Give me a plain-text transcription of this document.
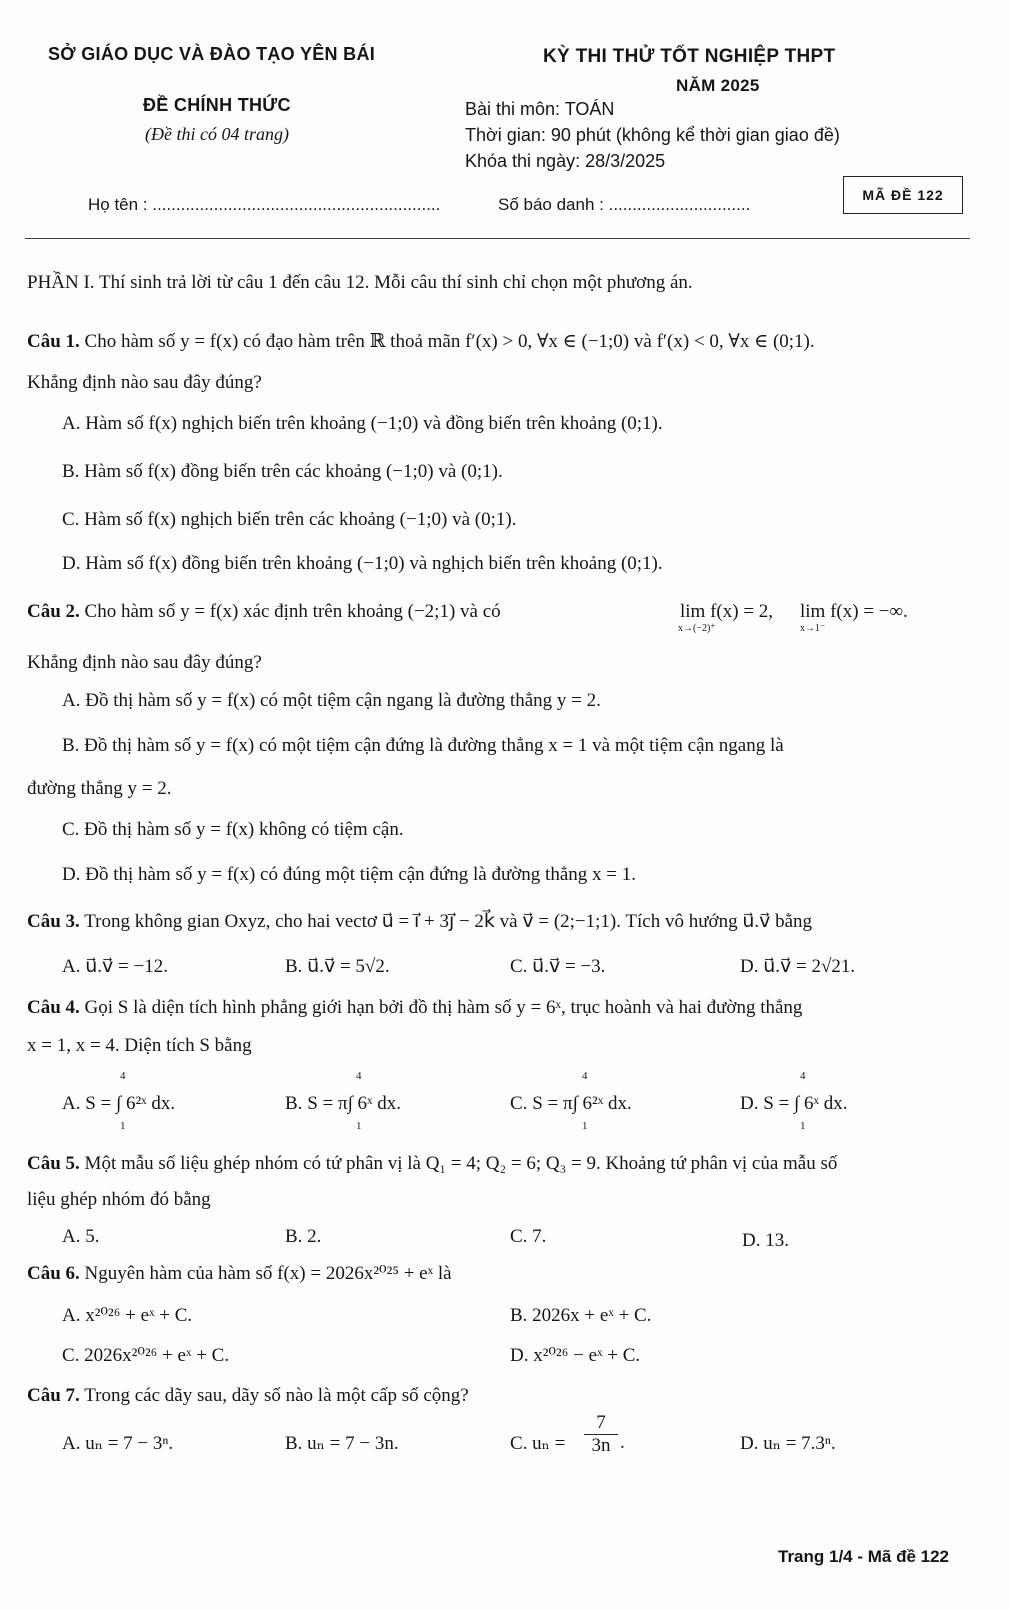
SỞ GIÁO DỤC VÀ ĐÀO TẠO YÊN BÁI	KỲ THI THỬ TỐT NGHIỆP THPT
NĂM 2025
ĐỀ CHÍNH THỨC
(Đề thi có 04 trang)
Bài thi môn: TOÁN
Thời gian: 90 phút (không kể thời gian giao đề)
Khóa thi ngày: 28/3/2025
Họ tên : .............................................................	Số báo danh : ..............................	MÃ ĐỀ 122
PHẦN I. Thí sinh trả lời từ câu 1 đến câu 12. Mỗi câu thí sinh chỉ chọn một phương án.
Câu 1. Cho hàm số y = f(x) có đạo hàm trên ℝ thoả mãn f′(x) > 0, ∀x ∈ (−1;0) và f′(x) < 0, ∀x ∈ (0;1).
Khẳng định nào sau đây đúng?
A. Hàm số f(x) nghịch biến trên khoảng (−1;0) và đồng biến trên khoảng (0;1).
B. Hàm số f(x) đồng biến trên các khoảng (−1;0) và (0;1).
C. Hàm số f(x) nghịch biến trên các khoảng (−1;0) và (0;1).
D. Hàm số f(x) đồng biến trên khoảng (−1;0) và nghịch biến trên khoảng (0;1).
Câu 2. Cho hàm số y = f(x) xác định trên khoảng (−2;1) và có	lim f(x) = 2,
x→(−2)⁺
lim f(x) = −∞.
x→1⁻
Khẳng định nào sau đây đúng?
A. Đồ thị hàm số y = f(x) có một tiệm cận ngang là đường thẳng y = 2.
B. Đồ thị hàm số y = f(x) có một tiệm cận đứng là đường thẳng x = 1 và một tiệm cận ngang là
đường thẳng y = 2.
C. Đồ thị hàm số y = f(x) không có tiệm cận.
D. Đồ thị hàm số y = f(x) có đúng một tiệm cận đứng là đường thẳng x = 1.
Câu 3. Trong không gian Oxyz, cho hai vectơ u⃗ = i⃗ + 3j⃗ − 2k⃗ và v⃗ = (2;−1;1). Tích vô hướng u⃗.v⃗ bằng
A. u⃗.v⃗ = −12.	B. u⃗.v⃗ = 5√2.	C. u⃗.v⃗ = −3.	D. u⃗.v⃗ = 2√21.
Câu 4. Gọi S là diện tích hình phẳng giới hạn bởi đồ thị hàm số y = 6ˣ, trục hoành và hai đường thẳng
x = 1, x = 4. Diện tích S bằng
A. S = ∫ 6²ˣ dx.
4
1
B. S = π∫ 6ˣ dx.
4
1
C. S = π∫ 6²ˣ dx.
4
1
D. S = ∫ 6ˣ dx.
4
1
Câu 5. Một mẫu số liệu ghép nhóm có tứ phân vị là Q₁ = 4; Q₂ = 6; Q₃ = 9. Khoảng tứ phân vị của mẫu số
liệu ghép nhóm đó bằng
A. 5.	B. 2.	C. 7.	D. 13.
Câu 6. Nguyên hàm của hàm số f(x) = 2026x²⁰²⁵ + eˣ là
A. x²⁰²⁶ + eˣ + C.	B. 2026x + eˣ + C.
C. 2026x²⁰²⁶ + eˣ + C.	D. x²⁰²⁶ − eˣ + C.
Câu 7. Trong các dãy sau, dãy số nào là một cấp số cộng?
A. uₙ = 7 − 3ⁿ.	B. uₙ = 7 − 3n.	C. $u_n = \frac{7}{3n}$ .	D. uₙ = 7.3ⁿ.
Trang 1/4 - Mã đề 122
